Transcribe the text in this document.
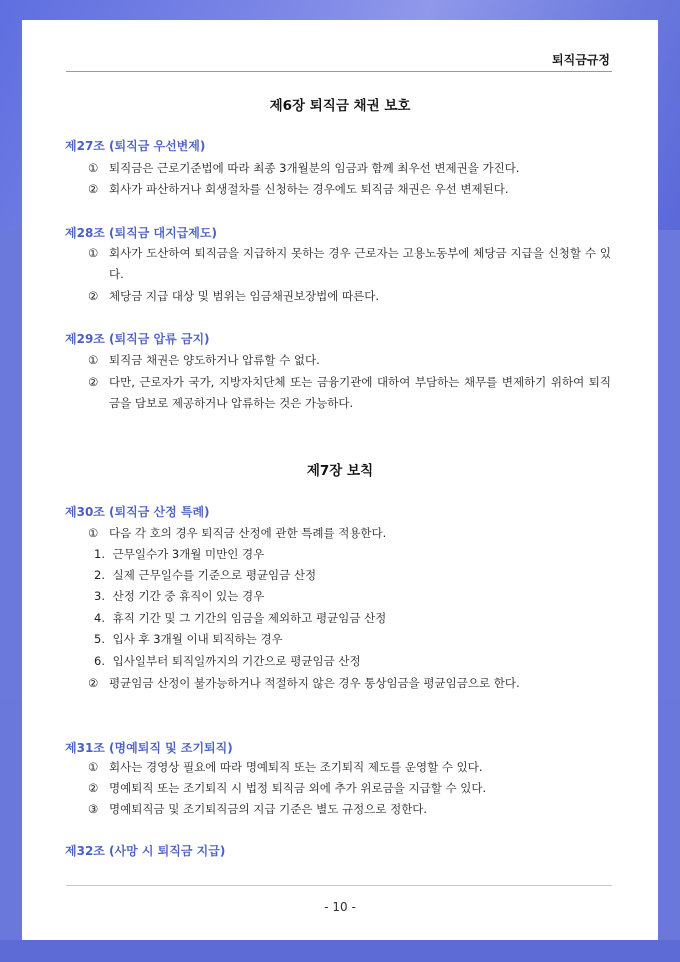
퇴직금규정
제6장 퇴직금 채권 보호
제27조 (퇴직금 우선변제)
① 퇴직금은 근로기준법에 따라 최종 3개월분의 임금과 함께 최우선 변제권을 가진다.
② 회사가 파산하거나 회생절차를 신청하는 경우에도 퇴직금 채권은 우선 변제된다.
제28조 (퇴직금 대지급제도)
① 회사가 도산하여 퇴직금을 지급하지 못하는 경우 근로자는 고용노동부에 체당금 지급을 신청할 수 있다.
② 체당금 지급 대상 및 범위는 임금채권보장법에 따른다.
제29조 (퇴직금 압류 금지)
① 퇴직금 채권은 양도하거나 압류할 수 없다.
② 다만, 근로자가 국가, 지방자치단체 또는 금융기관에 대하여 부담하는 채무를 변제하기 위하여 퇴직금을 담보로 제공하거나 압류하는 것은 가능하다.
제7장 보칙
제30조 (퇴직금 산정 특례)
① 다음 각 호의 경우 퇴직금 산정에 관한 특례를 적용한다.
1. 근무일수가 3개월 미만인 경우
2. 실제 근무일수를 기준으로 평균임금 산정
3. 산정 기간 중 휴직이 있는 경우
4. 휴직 기간 및 그 기간의 임금을 제외하고 평균임금 산정
5. 입사 후 3개월 이내 퇴직하는 경우
6. 입사일부터 퇴직일까지의 기간으로 평균임금 산정
② 평균임금 산정이 불가능하거나 적절하지 않은 경우 통상임금을 평균임금으로 한다.
제31조 (명예퇴직 및 조기퇴직)
① 회사는 경영상 필요에 따라 명예퇴직 또는 조기퇴직 제도를 운영할 수 있다.
② 명예퇴직 또는 조기퇴직 시 법정 퇴직금 외에 추가 위로금을 지급할 수 있다.
③ 명예퇴직금 및 조기퇴직금의 지급 기준은 별도 규정으로 정한다.
제32조 (사망 시 퇴직금 지급)
- 10 -
